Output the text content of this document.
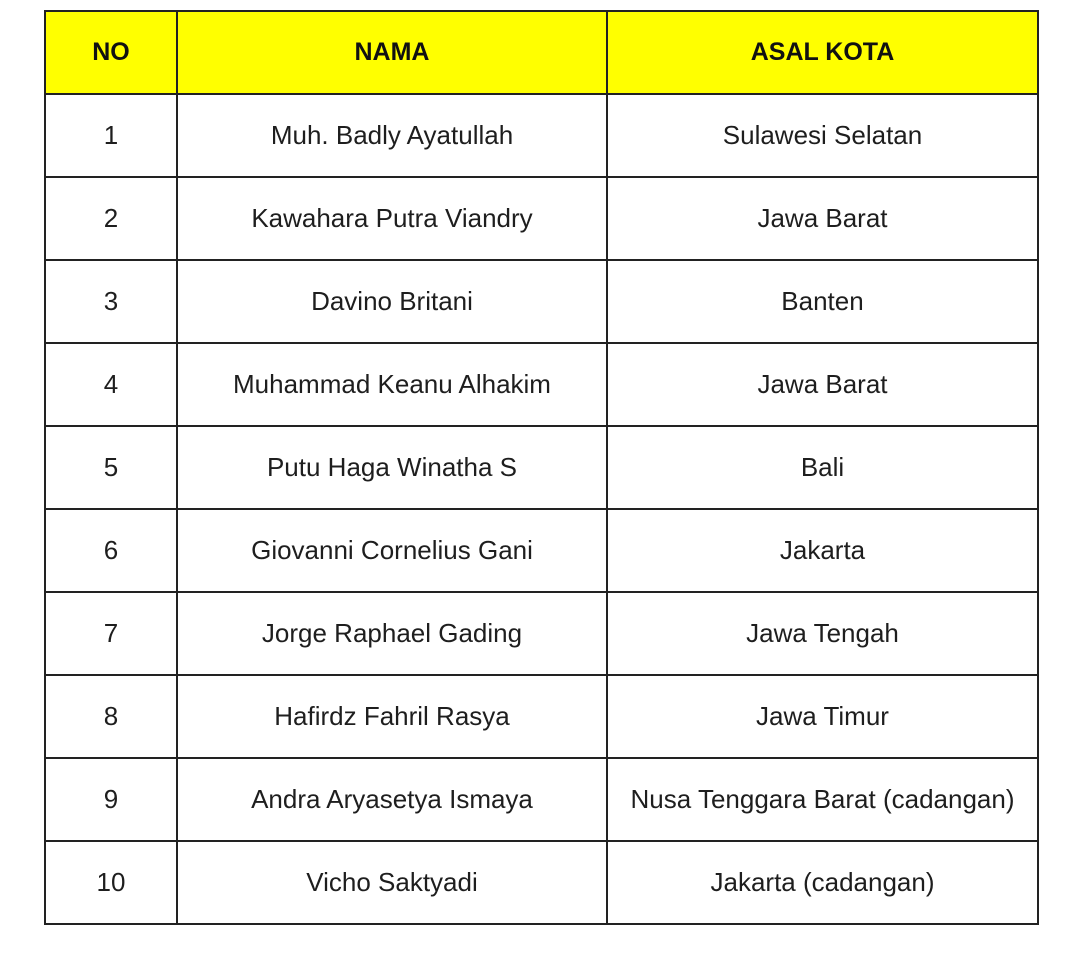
NO	NAMA	ASAL KOTA
1	Muh. Badly Ayatullah	Sulawesi Selatan
2	Kawahara Putra Viandry	Jawa Barat
3	Davino Britani	Banten
4	Muhammad Keanu Alhakim	Jawa Barat
5	Putu Haga Winatha S	Bali
6	Giovanni Cornelius Gani	Jakarta
7	Jorge Raphael Gading	Jawa Tengah
8	Hafirdz Fahril Rasya	Jawa Timur
9	Andra Aryasetya Ismaya	Nusa Tenggara Barat (cadangan)
10	Vicho Saktyadi	Jakarta (cadangan)
